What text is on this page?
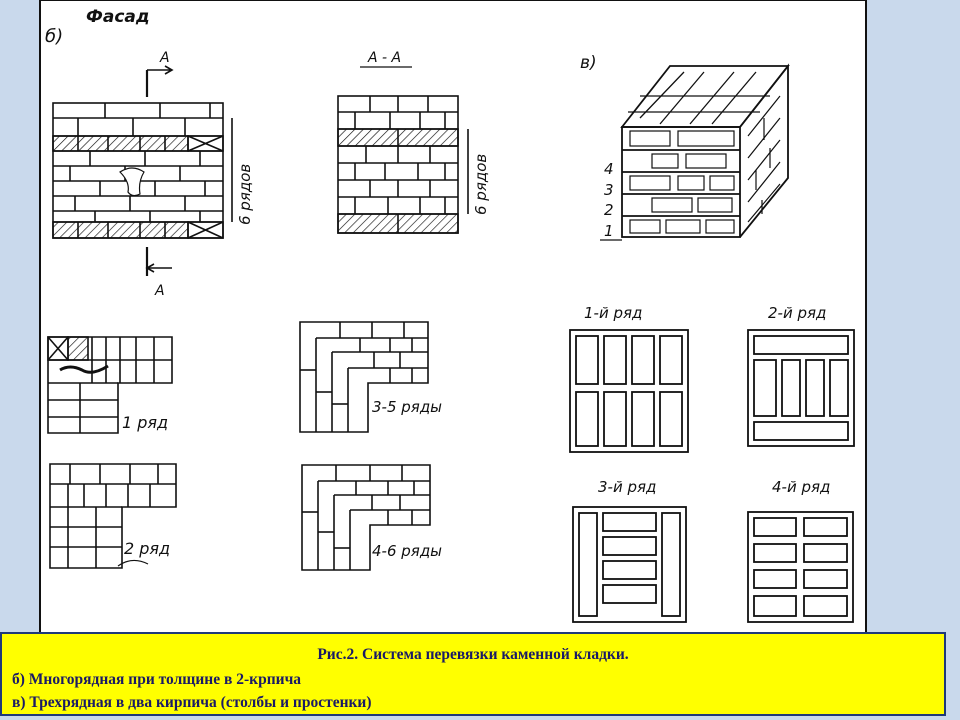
Фасад
б)
А
А
6 рядов
А - А
6 рядов
в)
4
3
2
1
1 ряд
2 ряд
3-5 ряды
4-6 ряды
1-й ряд	2-й ряд
3-й ряд	4-й ряд
Рис.2. Система перевязки каменной кладки.
б) Многорядная при толщине в 2-крпича
в) Трехрядная в два кирпича (столбы и простенки)
